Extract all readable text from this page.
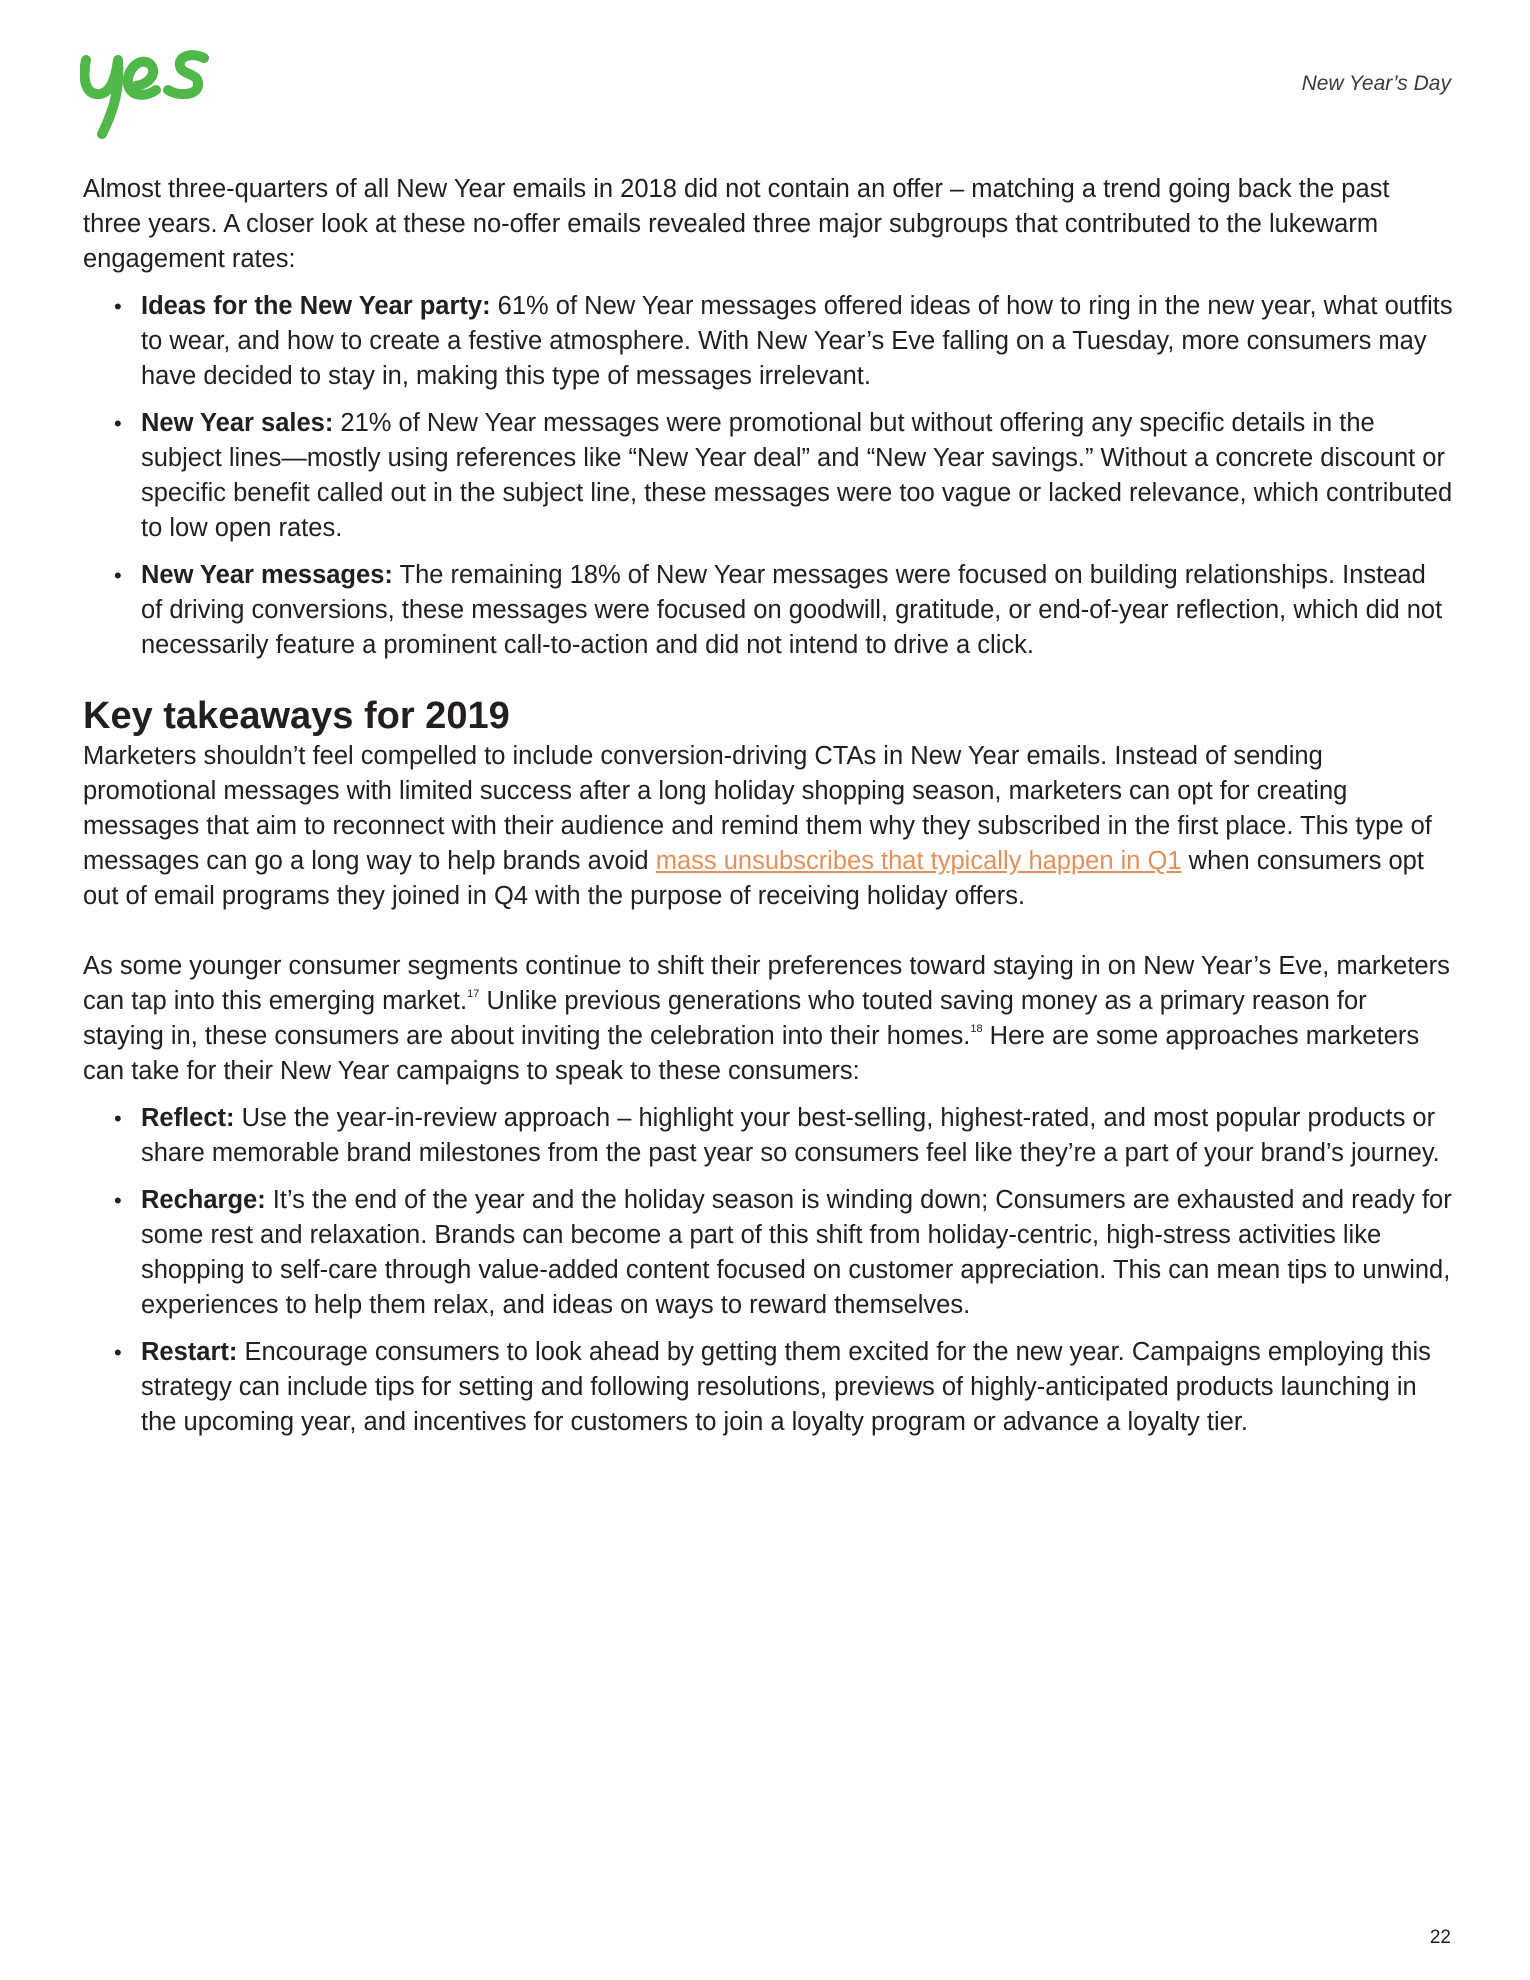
New Year’s Day

Almost three-quarters of all New Year emails in 2018 did not contain an offer – matching a trend going back the past three years. A closer look at these no-offer emails revealed three major subgroups that contributed to the lukewarm engagement rates:

• Ideas for the New Year party: 61% of New Year messages offered ideas of how to ring in the new year, what outfits to wear, and how to create a festive atmosphere. With New Year’s Eve falling on a Tuesday, more consumers may have decided to stay in, making this type of messages irrelevant.
• New Year sales: 21% of New Year messages were promotional but without offering any specific details in the subject lines—mostly using references like “New Year deal” and “New Year savings.” Without a concrete discount or specific benefit called out in the subject line, these messages were too vague or lacked relevance, which contributed to low open rates.
• New Year messages: The remaining 18% of New Year messages were focused on building relationships. Instead of driving conversions, these messages were focused on goodwill, gratitude, or end-of-year reflection, which did not necessarily feature a prominent call-to-action and did not intend to drive a click.
Key takeaways for 2019

Marketers shouldn’t feel compelled to include conversion-driving CTAs in New Year emails. Instead of sending promotional messages with limited success after a long holiday shopping season, marketers can opt for creating messages that aim to reconnect with their audience and remind them why they subscribed in the first place. This type of messages can go a long way to help brands avoid mass unsubscribes that typically happen in Q1 when consumers opt out of email programs they joined in Q4 with the purpose of receiving holiday offers.

As some younger consumer segments continue to shift their preferences toward staying in on New Year’s Eve, marketers can tap into this emerging market.$^{17}$ Unlike previous generations who touted saving money as a primary reason for staying in, these consumers are about inviting the celebration into their homes.$^{18}$ Here are some approaches marketers can take for their New Year campaigns to speak to these consumers:

• Reflect: Use the year-in-review approach – highlight your best-selling, highest-rated, and most popular products or share memorable brand milestones from the past year so consumers feel like they’re a part of your brand’s journey.
• Recharge: It’s the end of the year and the holiday season is winding down; Consumers are exhausted and ready for some rest and relaxation. Brands can become a part of this shift from holiday-centric, high-stress activities like shopping to self-care through value-added content focused on customer appreciation. This can mean tips to unwind, experiences to help them relax, and ideas on ways to reward themselves.
• Restart: Encourage consumers to look ahead by getting them excited for the new year. Campaigns employing this strategy can include tips for setting and following resolutions, previews of highly-anticipated products launching in the upcoming year, and incentives for customers to join a loyalty program or advance a loyalty tier.
22
